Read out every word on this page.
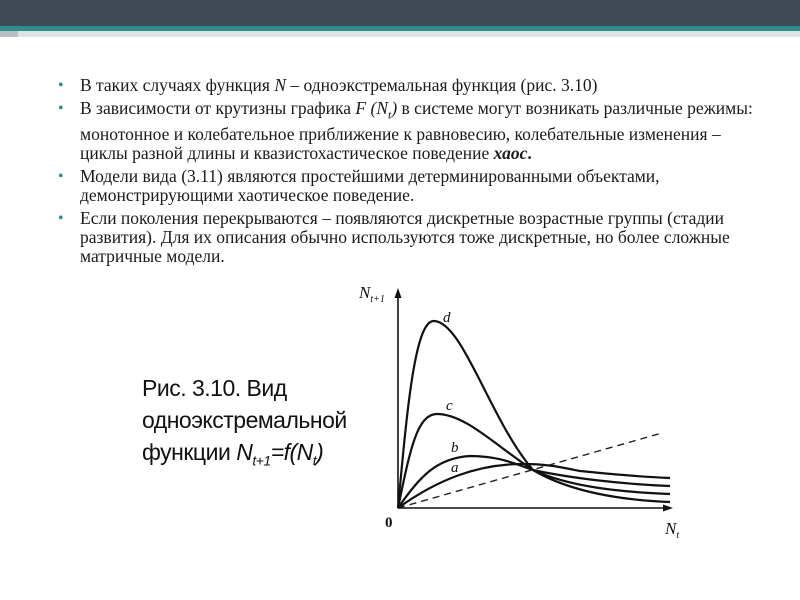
• В таких случаях функция N – одноэкстремальная функция (рис. 3.10)
• В зависимости от крутизны графика F $(N_t)$ в системе могут возникать различные режимы: монотонное и колебательное приближение к равновесию, колебательные изменения – циклы разной длины и квазистохастическое поведение хаос.
• Модели вида (3.11) являются простейшими детерминированными объектами, демонстрирующими хаотическое поведение.
• Если поколения перекрываются – появляются дискретные возрастные группы (стадии развития). Для их описания обычно используются тоже дискретные, но более сложные матричные модели.
Рис. 3.10. Вид
одноэкстремальной
функции $N_{t+1}=f(N_t)$
d
c
b
a
$N_{t+1}$
$N_t$
0
